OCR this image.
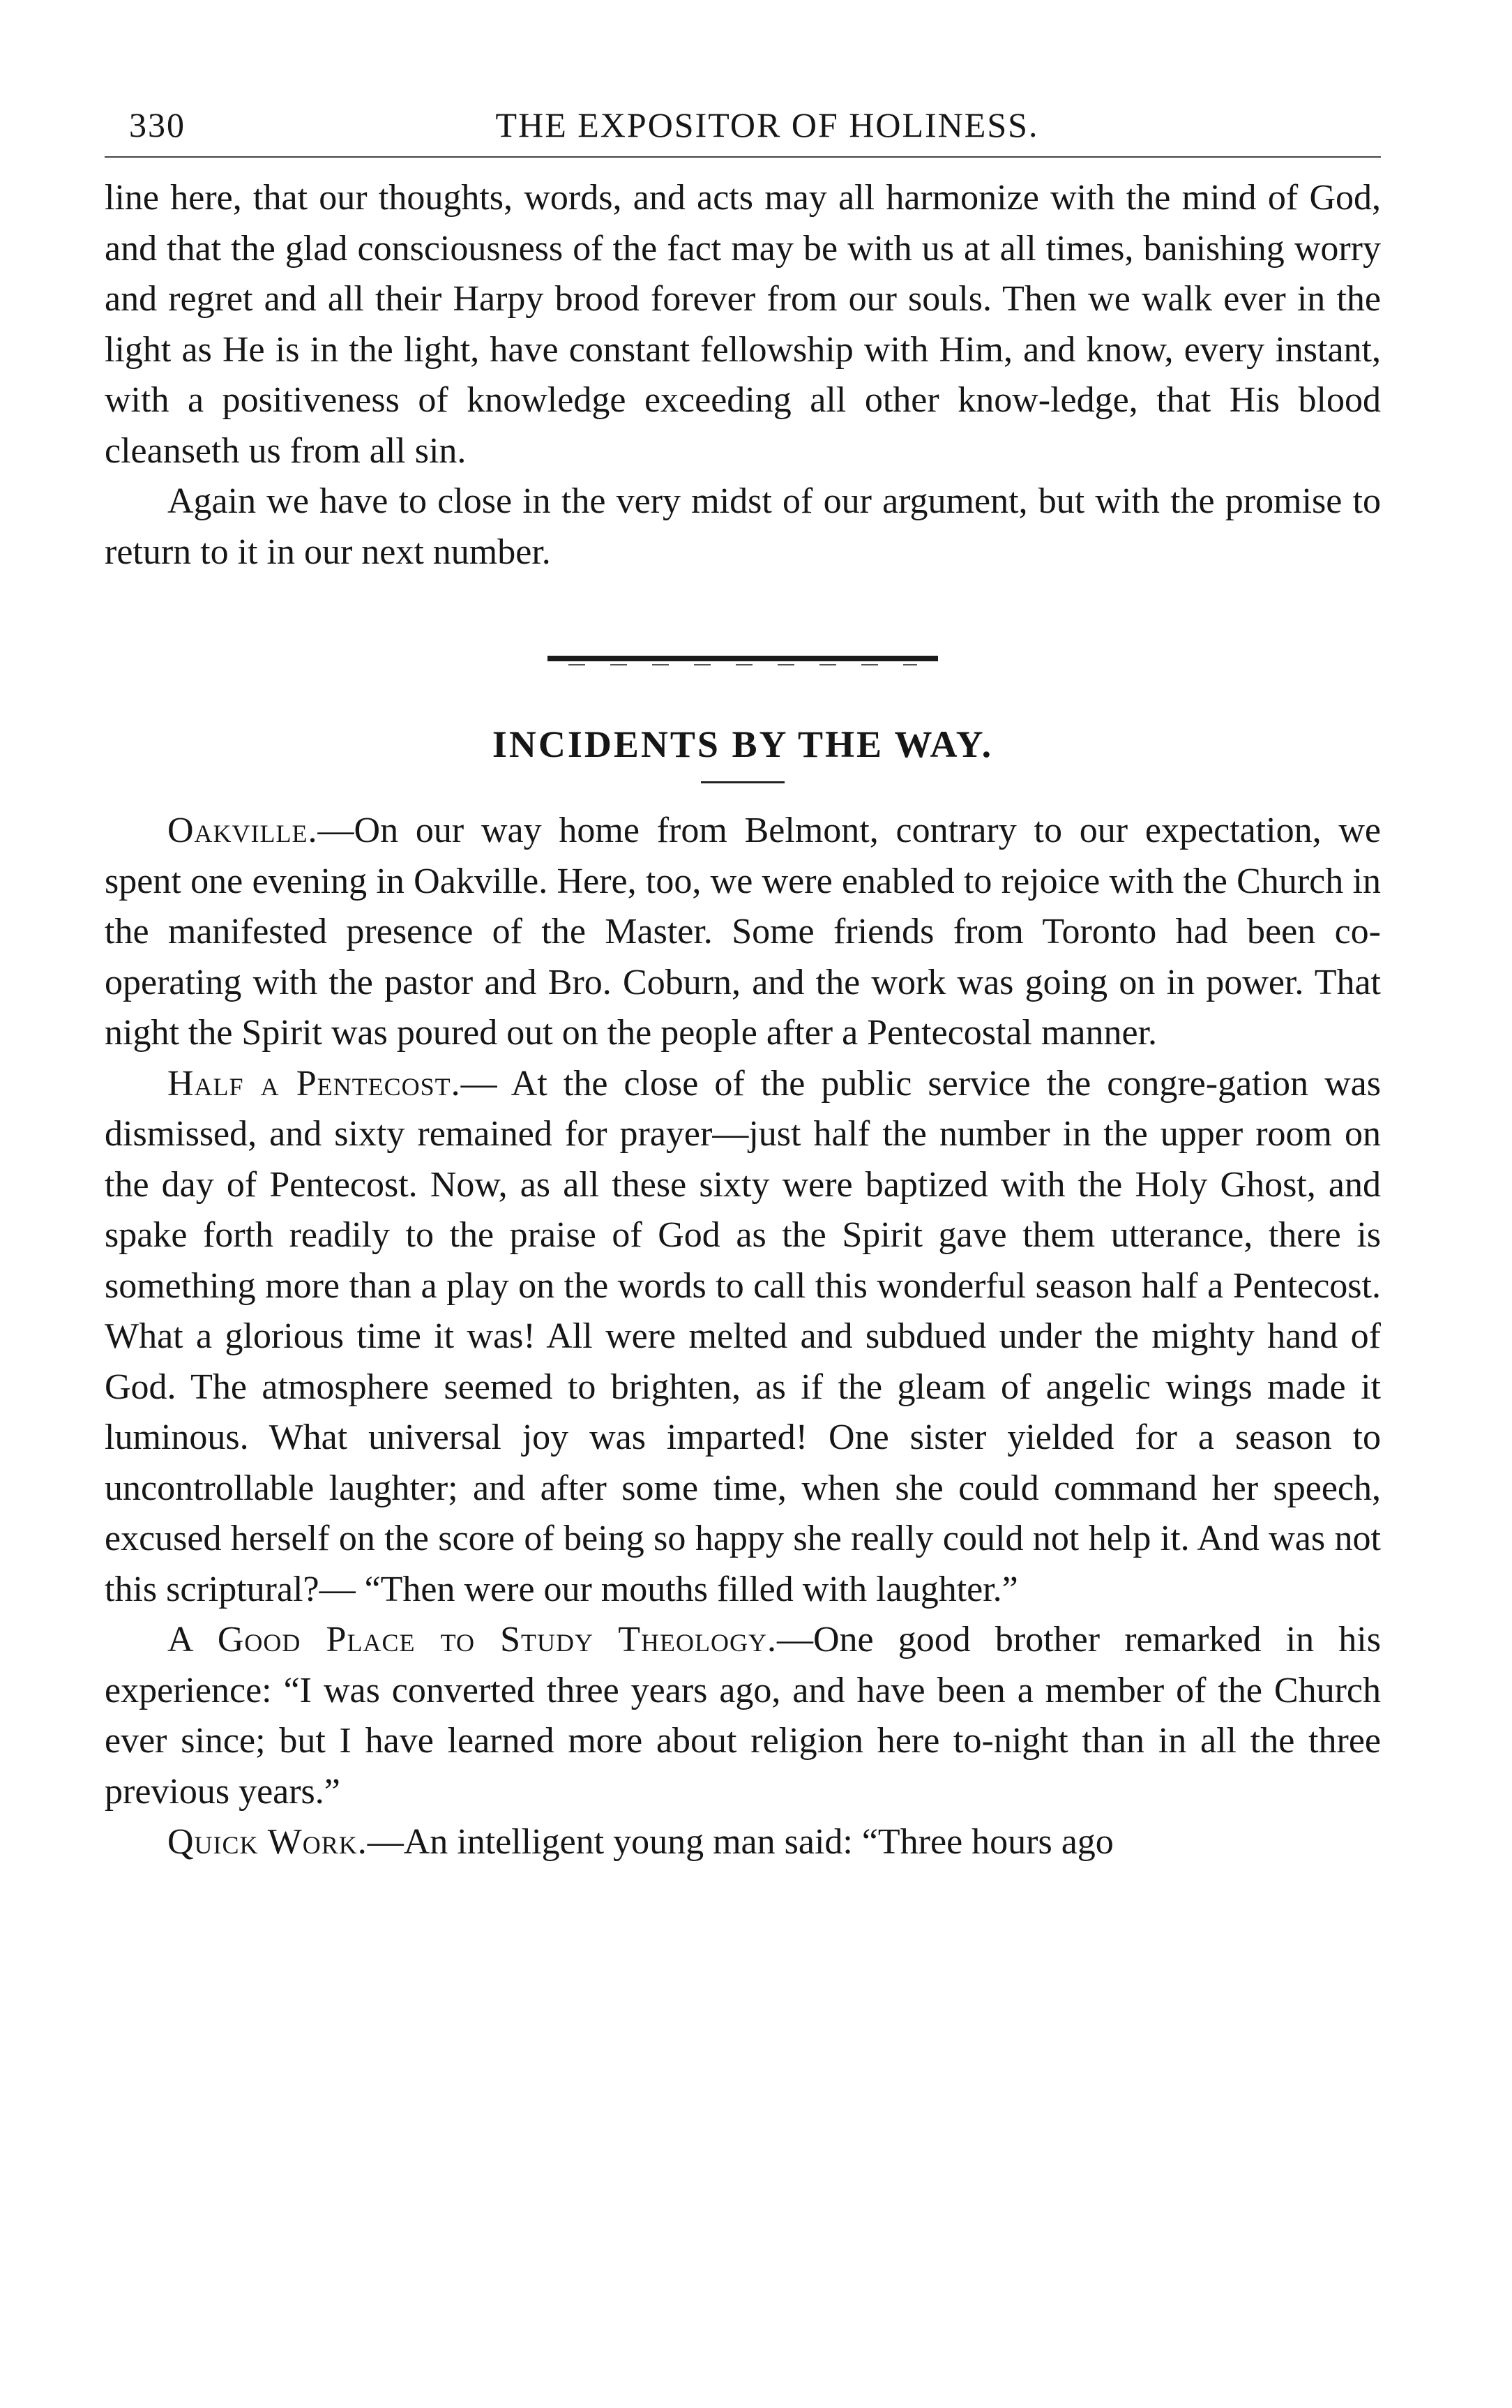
330	THE EXPOSITOR OF HOLINESS.

line here, that our thoughts, words, and acts may all harmonize with the mind of God, and that the glad consciousness of the fact may be with us at all times, banishing worry and regret and all their Harpy brood forever from our souls. Then we walk ever in the light as He is in the light, have constant fellowship with Him, and know, every instant, with a positiveness of knowledge exceeding all other know-ledge, that His blood cleanseth us from all sin.

Again we have to close in the very midst of our argument, but with the promise to return to it in our next number.

INCIDENTS BY THE WAY.

Oakville.—On our way home from Belmont, contrary to our expectation, we spent one evening in Oakville. Here, too, we were enabled to rejoice with the Church in the manifested presence of the Master. Some friends from Toronto had been co-operating with the pastor and Bro. Coburn, and the work was going on in power. That night the Spirit was poured out on the people after a Pentecostal manner.

Half a Pentecost.— At the close of the public service the congre-gation was dismissed, and sixty remained for prayer—just half the number in the upper room on the day of Pentecost. Now, as all these sixty were baptized with the Holy Ghost, and spake forth readily to the praise of God as the Spirit gave them utterance, there is something more than a play on the words to call this wonderful season half a Pentecost. What a glorious time it was! All were melted and subdued under the mighty hand of God. The atmosphere seemed to brighten, as if the gleam of angelic wings made it luminous. What universal joy was imparted! One sister yielded for a season to uncontrollable laughter; and after some time, when she could command her speech, excused herself on the score of being so happy she really could not help it. And was not this scriptural?— “Then were our mouths filled with laughter.”

A Good Place to Study Theology.—One good brother remarked in his experience: “I was converted three years ago, and have been a member of the Church ever since; but I have learned more about religion here to-night than in all the three previous years.”

Quick Work.—An intelligent young man said: “Three hours ago
